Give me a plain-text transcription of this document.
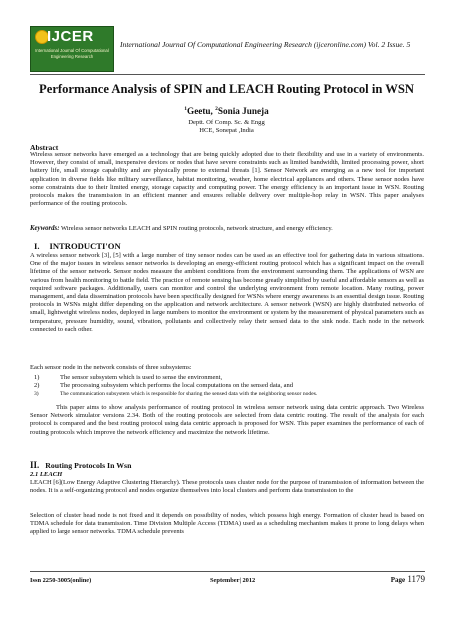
IJCER
International Journal Of Computational Engineering Research
International Journal Of Computational Engineering Research (ijceronline.com) Vol. 2 Issue. 5
Performance Analysis of SPIN and LEACH Routing Protocol in WSN
$^1$Geetu, $^2$Sonia Juneja
Deptt. Of Comp. Sc. & Engg
HCE, Sonepat ,India
Abstract
Wireless sensor networks have emerged as a technology that are being quickly adopted due to their flexibility and use in a variety of environments. However, they consist of small, inexpensive devices or nodes that have severe constraints such as limited bandwidth, limited processing power, short battery life, small storage capability and are physically prone to external threats [1]. Sensor Network are emerging as a new tool for important application in diverse fields like military surveillance, habitat monitoring, weather, home electrical appliances and others. These sensor nodes have some constraints due to their limited energy, storage capacity and computing power. The energy efficiency is an important issue in WSN. Routing protocols makes the transmission in an efficient manner and ensures reliable delivery over multiple-hop relay in WSN. This paper analyses performance of the routing protocols.
Keywords: Wireless sensor networks LEACH and SPIN routing protocols, network structure, and energy efficiency.
I. INTRODUCTI'ON
A wireless sensor network [3], [5] with a large number of tiny sensor nodes can be used as an effective tool for gathering data in various situations. One of the major issues in wireless sensor networks is developing an energy-efficient routing protocol which has a significant impact on the overall lifetime of the sensor network. Sensor nodes measure the ambient conditions from the environment surrounding them. The applications of WSN are various from health monitoring to battle field. The practice of remote sensing has become greatly simplified by useful and affordable sensors as well as required software packages. Additionally, users can monitor and control the underlying environment from remote location. Many routing, power management, and data dissemination protocols have been specifically designed for WSNs where energy awareness is an essential design issue. Routing protocols in WSNs might differ depending on the application and network architecture. A sensor network (WSN) are highly distributed networks of small, lightweight wireless nodes, deployed in large numbers to monitor the environment or system by the measurement of physical parameters such as temperature, pressure humidity, sound, vibration, pollutants and collectively relay their sensed data to the sink node. Each node in the network connected to each other.
Each sensor node in the network consists of three subsystems:
1)	The sensor subsystem which is used to sense the environment,
2)	The processing subsystem which performs the local computations on the sensed data, and
3)	The communication subsystem which is responsible for sharing the sensed data with the neighboring sensor nodes.
This paper aims to show analysis performance of routing protocol in wireless sensor network using data centric approach. Two Wireless Sensor Network simulator versions 2.34. Both of the routing protocols are selected from data centric routing. The result of the analysis for each protocol is compared and the best routing protocol using data centric approach is proposed for WSN. This paper examines the performance of each of routing protocols which improve the network efficiency and maximize the network lifetime.
II. Routing Protocols In Wsn
2.1 LEACH
LEACH [6](Low Energy Adaptive Clustering Hierarchy). These protocols uses cluster node for the purpose of transmission of information between the nodes. It is a self-organizing protocol and nodes organize themselves into local clusters and perform data transmission to the
Selection of cluster head node is not fixed and it depends on possibility of nodes, which possess high energy. Formation of cluster head is based on TDMA schedule for data transmission. Time Division Multiple Access (TDMA) used as a scheduling mechanism makes it prone to long delays when applied to large sensor networks. TDMA schedule prevents
Issn 2250-3005(online)	September| 2012	Page 1179
